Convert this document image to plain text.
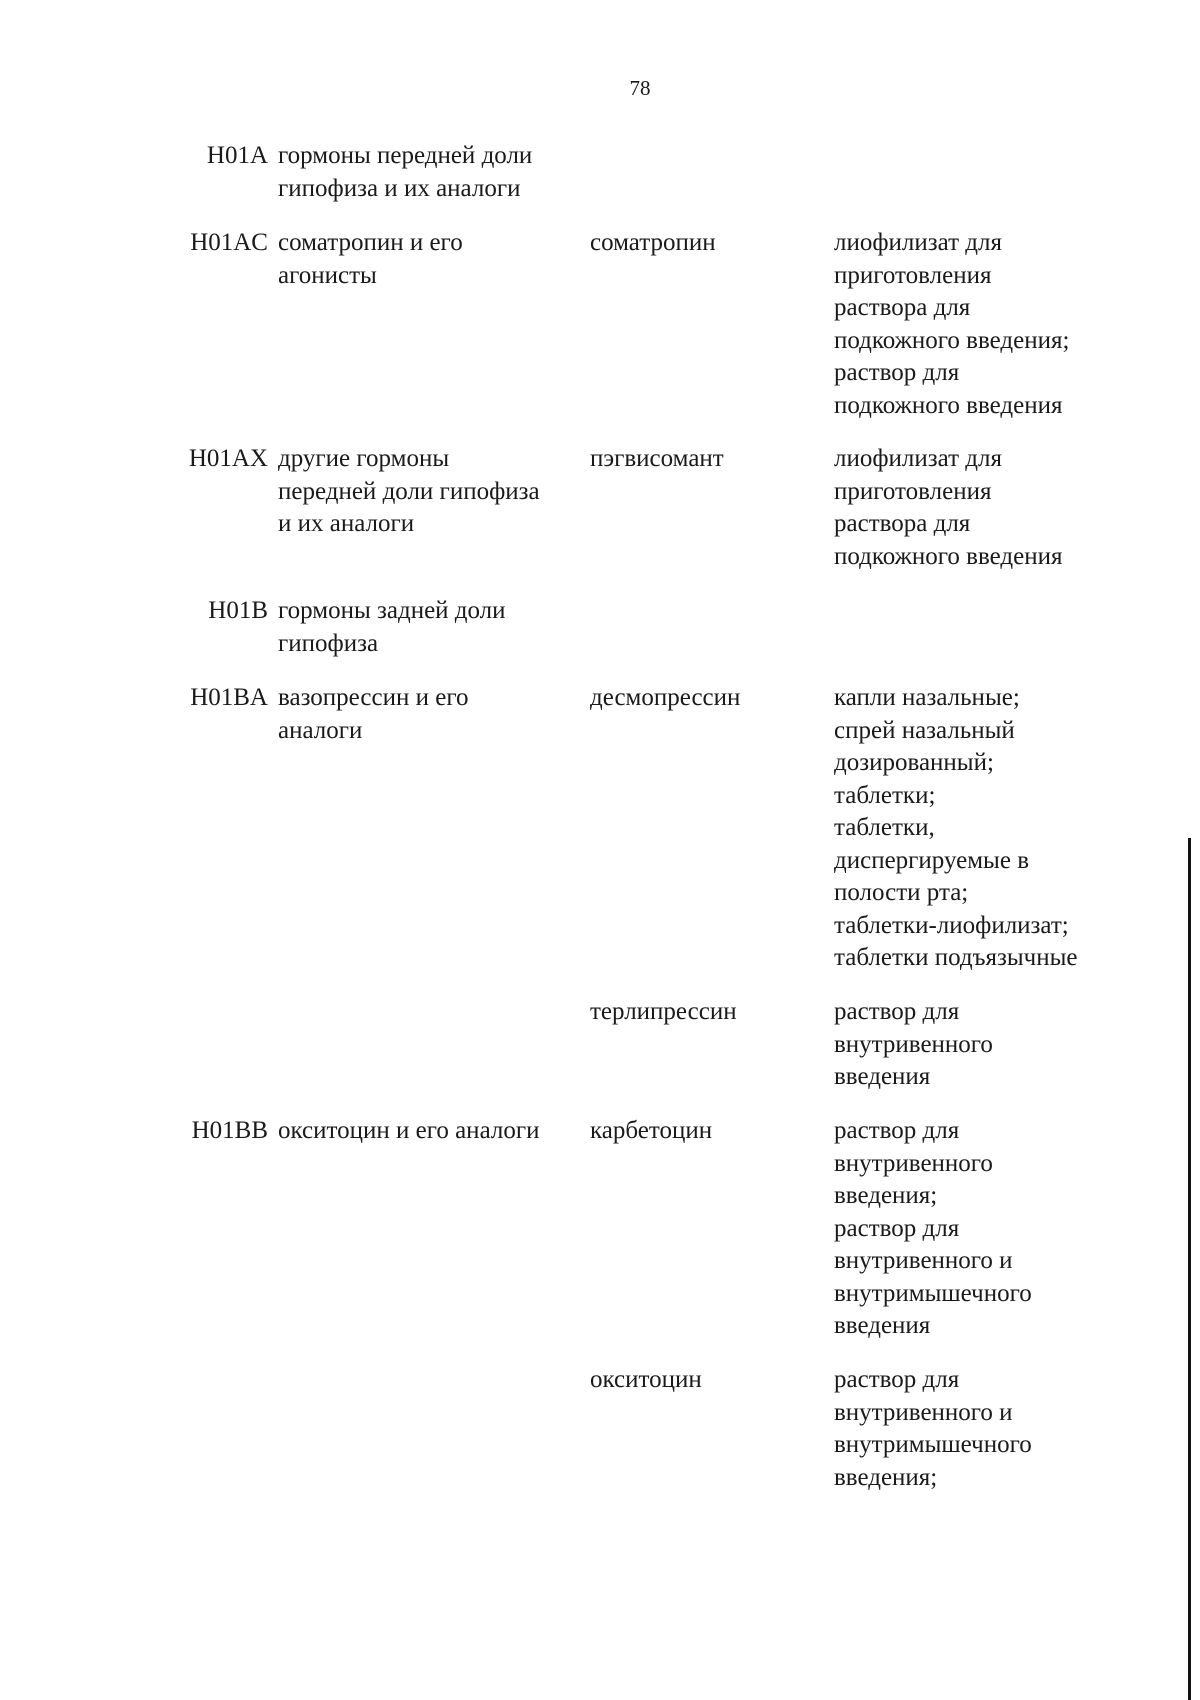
78
H01A гормоны передней доли
гипофиза и их аналоги
H01AC соматропин и его
агонисты
соматропин	лиофилизат для
приготовления
раствора для
подкожного введения;
раствор для
подкожного введения
H01AX другие гормоны
передней доли гипофиза
и их аналоги
пэгвисомант	лиофилизат для
приготовления
раствора для
подкожного введения
H01B гормоны задней доли
гипофиза
H01BA вазопрессин и его
аналоги
десмопрессин	капли назальные;
спрей назальный
дозированный;
таблетки;
таблетки,
диспергируемые в
полости рта;
таблетки-лиофилизат;
таблетки подъязычные
терлипрессин	раствор для
внутривенного
введения
H01BB окситоцин и его аналоги	карбетоцин	раствор для
внутривенного
введения;
раствор для
внутривенного и
внутримышечного
введения
окситоцин	раствор для
внутривенного и
внутримышечного
введения;
